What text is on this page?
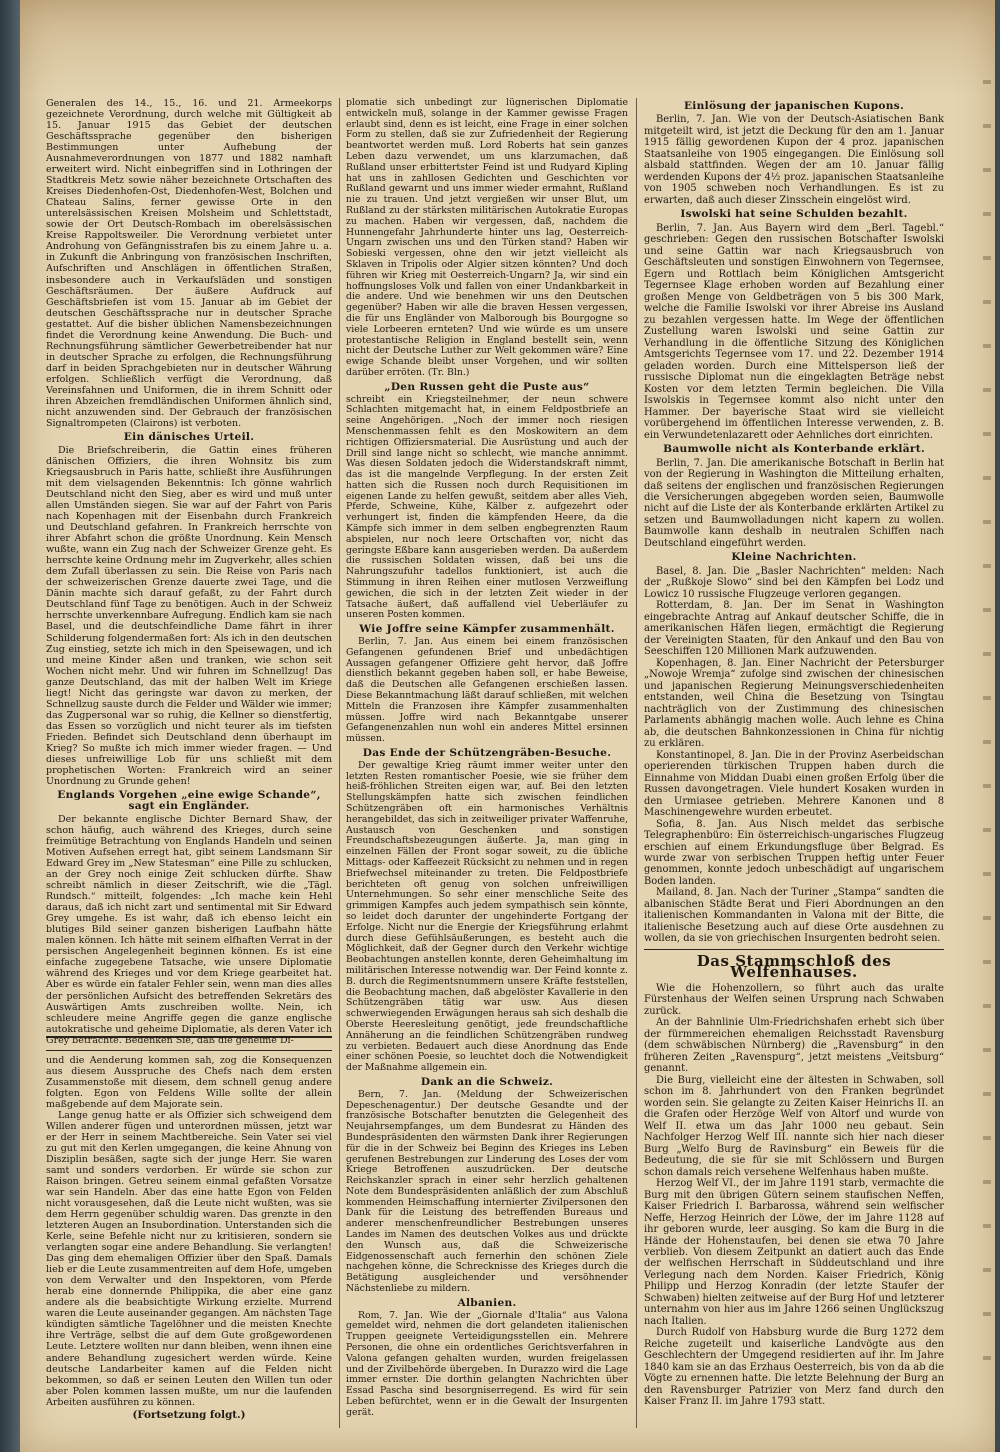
Generalen des 14., 15., 16. und 21. Armeekorps gezeichnete Verordnung, durch welche mit Gültigkeit ab 15. Januar 1915 das Gebiet der deutschen Geschäftssprache gegenüber den bisherigen Bestimmungen unter Aufhebung der Ausnahmeverordnungen von 1877 und 1882 namhaft erweitert wird. Nicht einbegriffen sind in Lothringen der Stadtkreis Metz sowie näher bezeichnete Ortschaften des Kreises Diedenhofen-Ost, Diedenhofen-West, Bolchen und Chateau Salins, ferner gewisse Orte in den unterelsässischen Kreisen Molsheim und Schlettstadt, sowie der Ort Deutsch-Rombach im oberelsässischen Kreise Rappoltsweiler. Die Verordnung verbietet unter Androhung von Gefängnisstrafen bis zu einem Jahre u. a. in Zukunft die Anbringung von französischen Inschriften, Aufschriften und Anschlägen in öffentlichen Straßen, insbesondere auch in Verkaufsläden und sonstigen Geschäftsräumen. Der äußere Aufdruck auf Geschäftsbriefen ist vom 15. Januar ab im Gebiet der deutschen Geschäftssprache nur in deutscher Sprache gestattet. Auf die bisher üblichen Namensbezeichnungen findet die Verordnung keine Anwendung. Die Buch- und Rechnungsführung sämtlicher Gewerbetreibender hat nur in deutscher Sprache zu erfolgen, die Rechnungsführung darf in beiden Sprachgebieten nur in deutscher Währung erfolgen. Schließlich verfügt die Verordnung, daß Vereinsfahnen und Uniformen, die in ihrem Schnitt oder ihren Abzeichen fremdländischen Uniformen ähnlich sind, nicht anzuwenden sind. Der Gebrauch der französischen Signaltrompeten (Clairons) ist verboten.

Ein dänisches Urteil.

Die Briefschreiberin, die Gattin eines früheren dänischen Offiziers, die ihren Wohnsitz bis zum Kriegsausbruch in Paris hatte, schließt ihre Ausführungen mit dem vielsagenden Bekenntnis: Ich gönne wahrlich Deutschland nicht den Sieg, aber es wird und muß unter allen Umständen siegen. Sie war auf der Fahrt von Paris nach Kopenhagen mit der Eisenbahn durch Frankreich und Deutschland gefahren. In Frankreich herrschte von ihrer Abfahrt schon die größte Unordnung. Kein Mensch wußte, wann ein Zug nach der Schweizer Grenze geht. Es herrschte keine Ordnung mehr im Zugverkehr, alles schien dem Zufall überlassen zu sein. Die Reise von Paris nach der schweizerischen Grenze dauerte zwei Tage, und die Dänin machte sich darauf gefaßt, zu der Fahrt durch Deutschland fünf Tage zu benötigen. Auch in der Schweiz herrschte unverkennbare Aufregung. Endlich kam sie nach Basel, und die deutschfeindliche Dame fährt in ihrer Schilderung folgendermaßen fort: Als ich in den deutschen Zug einstieg, setzte ich mich in den Speisewagen, und ich und meine Kinder aßen und tranken, wie schon seit Wochen nicht mehr. Und wir fuhren im Schnellzug! Das ganze Deutschland, das mit der halben Welt im Kriege liegt! Nicht das geringste war davon zu merken, der Schnellzug sauste durch die Felder und Wälder wie immer; das Zugpersonal war so ruhig, die Kellner so dienstfertig, das Essen so vorzüglich und nicht teurer als im tiefsten Frieden. Befindet sich Deutschland denn überhaupt im Krieg? So mußte ich mich immer wieder fragen. — Und dieses unfreiwillige Lob für uns schließt mit dem prophetischen Worten: Frankreich wird an seiner Unordnung zu Grunde gehen!

Englands Vorgehen „eine ewige Schande“, sagt ein Engländer.

Der bekannte englische Dichter Bernard Shaw, der schon häufig, auch während des Krieges, durch seine freimütige Betrachtung von Englands Handeln und seinen Motiven Aufsehen erregt hat, gibt seinem Landsmann Sir Edward Grey im „New Statesman“ eine Pille zu schlucken, an der Grey noch einige Zeit schlucken dürfte. Shaw schreibt nämlich in dieser Zeitschrift, wie die „Tägl. Rundsch.“ mitteilt, folgendes: „Ich mache kein Hehl daraus, daß ich nicht zart und sentimental mit Sir Edward Grey umgehe. Es ist wahr, daß ich ebenso leicht ein blutiges Bild seiner ganzen bisherigen Laufbahn hätte malen können. Ich hätte mit seinem elfhaften Verrat in der persischen Angelegenheit beginnen können. Es ist eine einfache zugegebene Tatsache, wie unsere Diplomatie während des Krieges und vor dem Kriege gearbeitet hat. Aber es würde ein fataler Fehler sein, wenn man dies alles der persönlichen Aufsicht des betreffenden Sekretärs des Auswärtigen Amts zuschreiben wollte. Nein, ich schleudere meine Angriffe gegen die ganze englische autokratische und geheime Diplomatie, als deren Vater ich Grey betrachte. Bedenken Sie, daß die geheime Di-

und die Aenderung kommen sah, zog die Konsequenzen aus diesem Ausspruche des Chefs nach dem ersten Zusammenstoße mit diesem, dem schnell genug andere folgten. Egon von Feldens Wille sollte der allein maßgebende auf dem Majorate sein.

Lange genug hatte er als Offizier sich schweigend dem Willen anderer fügen und unterordnen müssen, jetzt war er der Herr in seinem Machtbereiche. Sein Vater sei viel zu gut mit den Kerlen umgegangen, die keine Ahnung von Disziplin besäßen, sagte sich der junge Herr. Sie waren samt und sonders verdorben. Er würde sie schon zur Raison bringen. Getreu seinem einmal gefaßten Vorsatze war sein Handeln. Aber das eine hatte Egon von Felden nicht vorausgesehen, daß die Leute nicht wußten, was sie dem Herrn gegenüber schuldig waren. Das grenzte in den letzteren Augen an Insubordination. Unterstanden sich die Kerle, seine Befehle nicht nur zu kritisieren, sondern sie verlangten sogar eine andere Behandlung. Sie verlangten! Das ging dem ehemaligen Offizier über den Spaß. Damals lieb er die Leute zusammentreiten auf dem Hofe, umgeben von dem Verwalter und den Inspektoren, vom Pferde herab eine donnernde Philippika, die aber eine ganz andere als die beabsichtigte Wirkung erzielte. Murrend waren die Leute auseinander gegangen. Am nächsten Tage kündigten sämtliche Tagelöhner und die meisten Knechte ihre Verträge, selbst die auf dem Gute großgewordenen Leute. Letztere wollten nur dann bleiben, wenn ihnen eine andere Behandlung zugesichert werden würde. Keine deutsche Landarbeiter kamen auf die Felden nicht bekommen, so daß er seinen Leuten den Willen tun oder aber Polen kommen lassen mußte, um nur die laufenden Arbeiten ausführen zu können.

(Fortsetzung folgt.)

plomatie sich unbedingt zur lügnerischen Diplomatie entwickeln muß, solange in der Kammer gewisse Fragen erlaubt sind, denn es ist leicht, eine Frage in einer solchen Form zu stellen, daß sie zur Zufriedenheit der Regierung beantwortet werden muß. Lord Roberts hat sein ganzes Leben dazu verwendet, um uns klarzumachen, daß Rußland unser erbittertster Feind ist und Rudyard Kipling hat uns in zahllosen Gedichten und Geschichten vor Rußland gewarnt und uns immer wieder ermahnt, Rußland nie zu trauen. Und jetzt vergießen wir unser Blut, um Rußland zu der stärksten militärischen Autokratie Europas zu machen. Haben wir vergessen, daß, nachdem die Hunnengefahr Jahrhunderte hinter uns lag, Oesterreich-Ungarn zwischen uns und den Türken stand? Haben wir Sobieski vergessen, ohne den wir jetzt vielleicht als Sklaven in Tripolis oder Algier sitzen könnten? Und doch führen wir Krieg mit Oesterreich-Ungarn? Ja, wir sind ein hoffnungsloses Volk und fallen von einer Undankbarkeit in die andere. Und wie benehmen wir uns den Deutschen gegenüber? Haben wir alle die braven Hessen vergessen, die für uns Engländer von Malborough bis Bourgogne so viele Lorbeeren ernteten? Und wie würde es um unsere protestantische Religion in England bestellt sein, wenn nicht der Deutsche Luther zur Welt gekommen wäre? Eine ewige Schande bleibt unser Vorgehen, und wir sollten darüber erröten. (Tr. Bln.)

„Den Russen geht die Puste aus“

schreibt ein Kriegsteilnehmer, der neun schwere Schlachten mitgemacht hat, in einem Feldpostbriefe an seine Angehörigen. „Noch der immer noch riesigen Menschenmassen fehlt es den Moskowitern an dem richtigen Offiziersmaterial. Die Ausrüstung und auch der Drill sind lange nicht so schlecht, wie manche annimmt. Was diesen Soldaten jedoch die Widerstandskraft nimmt, das ist die mangelnde Verpflegung. In der ersten Zeit hatten sich die Russen noch durch Requisitionen im eigenen Lande zu helfen gewußt, seitdem aber alles Vieh, Pferde, Schweine, Kühe, Kälber z. aufgezehrt oder verhungert ist, finden die kämpfenden Heere, da die Kämpfe sich immer in dem selben engbegrenzten Raum abspielen, nur noch leere Ortschaften vor, nicht das geringste Eßbare kann ausgerieben werden. Da außerdem die russischen Soldaten wissen, daß bei uns die Nahrungszufuhr tadellos funktioniert, ist auch die Stimmung in ihren Reihen einer mutlosen Verzweiflung gewichen, die sich in der letzten Zeit wieder in der Tatsache äußert, daß auffallend viel Ueberläufer zu unseren Posten kommen.

Wie Joffre seine Kämpfer zusammenhält.

Berlin, 7. Jan. Aus einem bei einem französischen Gefangenen gefundenen Brief und unbedächtigen Aussagen gefangener Offiziere geht hervor, daß Joffre dienstlich bekannt gegeben haben soll, er habe Beweise, daß die Deutschen alle Gefangenen erschießen lassen. Diese Bekanntmachung läßt darauf schließen, mit welchen Mitteln die Franzosen ihre Kämpfer zusammenhalten müssen. Joffre wird nach Bekanntgabe unserer Gefangenenzahlen nun wohl ein anderes Mittel ersinnen müssen.

Das Ende der Schützengräben-Besuche.

Der gewaltige Krieg räumt immer weiter unter den letzten Resten romantischer Poesie, wie sie früher dem heiß-fröhlichen Streiten eigen war, auf. Bei den letzten Stellungskämpfen hatte sich zwischen feindlichen Schützengräben oft ein harmonisches Verhältnis herangebildet, das sich in zeitweiliger privater Waffenruhe, Austausch von Geschenken und sonstigen Freundschaftsbezeugungen äußerte. Ja, man ging in einzelnen Fällen der Front sogar soweit, zu die übliche Mittags- oder Kaffeezeit Rücksicht zu nehmen und in regen Briefwechsel miteinander zu treten. Die Feldpostbriefe berichteten oft genug von solchen unfreiwilligen Unternehmungen. So sehr einer menschliche Seite des grimmigen Kampfes auch jedem sympathisch sein könnte, so leidet doch darunter der ungehinderte Fortgang der Erfolge. Nicht nur die Energie der Kriegsführung erlahmt durch diese Gefühlsäußerungen, es besteht auch die Möglichkeit, daß der Gegner durch den Verkehr wichtige Beobachtungen anstellen konnte, deren Geheimhaltung im militärischen Interesse notwendig war. Der Feind konnte z. B. durch die Regimentsnummern unsere Kräfte feststellen, die Beobachtung machen, daß abgelöster Kavallerie in den Schützengräben tätig war usw. Aus diesen schwerwiegenden Erwägungen heraus sah sich deshalb die Oberste Heeresleitung genötigt, jede freundschaftliche Annäherung an die feindlichen Schützengräben rundweg zu verbieten. Bedauert auch diese Anordnung das Ende einer schönen Poesie, so leuchtet doch die Notwendigkeit der Maßnahme allgemein ein.

Dank an die Schweiz.

Bern, 7. Jan. (Meldung der Schweizerischen Depeschenagentur.) Der deutsche Gesandte und der französische Botschafter benutzten die Gelegenheit des Neujahrsempfanges, um dem Bundesrat zu Händen des Bundespräsidenten den wärmsten Dank ihrer Regierungen für die in der Schweiz bei Beginn des Krieges ins Leben gerufenen Bestrebungen zur Linderung des Loses der vom Kriege Betroffenen auszudrücken. Der deutsche Reichskanzler sprach in einer sehr herzlich gehaltenen Note dem Bundespräsidenten anläßlich der zum Abschluß kommenden Heimschaffung internierter Zivilpersonen den Dank für die Leistung des betreffenden Bureaus und anderer menschenfreundlicher Bestrebungen unseres Landes im Namen des deutschen Volkes aus und drückte den Wunsch aus, daß die Schweizerische Eidgenossenschaft auch fernerhin den schönen Ziele nachgehen könne, die Schrecknisse des Krieges durch die Betätigung ausgleichender und versöhnender Nächstenliebe zu mildern.

Albanien.

Rom, 7. Jan. Wie der „Giornale d'Italia“ aus Valona gemeldet wird, nehmen die dort gelandeten italienischen Truppen geeignete Verteidigungsstellen ein. Mehrere Personen, die ohne ein ordentliches Gerichtsverfahren in Valona gefangen gehalten wurden, wurden freigelassen und der Zivilbehörde übergeben. In Durazzo wird die Lage immer ernster. Die dorthin gelangten Nachrichten über Essad Pascha sind besorgniserregend. Es wird für sein Leben befürchtet, wenn er in die Gewalt der Insurgenten gerät.

Einlösung der japanischen Kupons.

Berlin, 7. Jan. Wie von der Deutsch-Asiatischen Bank mitgeteilt wird, ist jetzt die Deckung für den am 1. Januar 1915 fällig gewordenen Kupon der 4 proz. japanischen Staatsanleihe von 1905 eingegangen. Die Einlösung soll alsbald stattfinden. Wegen der am 10. Januar fällig werdenden Kupons der 4½ proz. japanischen Staatsanleihe von 1905 schweben noch Verhandlungen. Es ist zu erwarten, daß auch dieser Zinsschein eingelöst wird.

Iswolski hat seine Schulden bezahlt.

Berlin, 7. Jan. Aus Bayern wird dem „Berl. Tagebl.“ geschrieben: Gegen den russischen Botschafter Iswolski und seine Gattin war nach Kriegsausbruch von Geschäftsleuten und sonstigen Einwohnern von Tegernsee, Egern und Rottlach beim Königlichen Amtsgericht Tegernsee Klage erhoben worden auf Bezahlung einer großen Menge von Geldbeträgen von 5 bis 300 Mark, welche die Familie Iswolski vor ihrer Abreise ins Ausland zu bezahlen vergessen hatte. Im Wege der öffentlichen Zustellung waren Iswolski und seine Gattin zur Verhandlung in die öffentliche Sitzung des Königlichen Amtsgerichts Tegernsee vom 17. und 22. Dezember 1914 geladen worden. Durch eine Mittelsperson ließ der russische Diplomat nun die eingeklagten Beträge nebst Kosten vor dem letzten Termin begleichen. Die Villa Iswolskis in Tegernsee kommt also nicht unter den Hammer. Der bayerische Staat wird sie vielleicht vorübergehend im öffentlichen Interesse verwenden, z. B. ein Verwundetenlazarett oder Aehnliches dort einrichten.

Baumwolle nicht als Konterbande erklärt.

Berlin, 7. Jan. Die amerikanische Botschaft in Berlin hat von der Regierung in Washington die Mitteilung erhalten, daß seitens der englischen und französischen Regierungen die Versicherungen abgegeben worden seien, Baumwolle nicht auf die Liste der als Konterbande erklärten Artikel zu setzen und Baumwolladungen nicht kapern zu wollen. Baumwolle kann deshalb in neutralen Schiffen nach Deutschland eingeführt werden.

Kleine Nachrichten.

Basel, 8. Jan. Die „Basler Nachrichten“ melden: Nach der „Rußkoje Slowo“ sind bei den Kämpfen bei Lodz und Lowicz 10 russische Flugzeuge verloren gegangen.

Rotterdam, 8. Jan. Der im Senat in Washington eingebrachte Antrag auf Ankauf deutscher Schiffe, die in amerikanischen Häfen liegen, ermächtigt die Regierung der Vereinigten Staaten, für den Ankauf und den Bau von Seeschiffen 120 Millionen Mark aufzuwenden.

Kopenhagen, 8. Jan. Einer Nachricht der Petersburger „Nowoje Wremja“ zufolge sind zwischen der chinesischen und japanischen Regierung Meinungsverschiedenheiten entstanden, weil China die Besetzung von Tsingtau nachträglich von der Zustimmung des chinesischen Parlaments abhängig machen wolle. Auch lehne es China ab, die deutschen Bahnkonzessionen in China für nichtig zu erklären.

Konstantinopel, 8. Jan. Die in der Provinz Aserbeidschan operierenden türkischen Truppen haben durch die Einnahme von Middan Duabi einen großen Erfolg über die Russen davongetragen. Viele hundert Kosaken wurden in den Urmiasee getrieben. Mehrere Kanonen und 8 Maschinengewehre wurden erbeutet.

Sofia, 8. Jan. Aus Nisch meldet das serbische Telegraphenbüro: Ein österreichisch-ungarisches Flugzeug erschien auf einem Erkundungsfluge über Belgrad. Es wurde zwar von serbischen Truppen heftig unter Feuer genommen, konnte jedoch unbeschädigt auf ungarischem Boden landen.

Mailand, 8. Jan. Nach der Turiner „Stampa“ sandten die albanischen Städte Berat und Fieri Abordnungen an den italienischen Kommandanten in Valona mit der Bitte, die italienische Besetzung auch auf diese Orte ausdehnen zu wollen, da sie von griechischen Insurgenten bedroht seien.

Das Stammschloß des Welfenhauses.

Wie die Hohenzollern, so führt auch das uralte Fürstenhaus der Welfen seinen Ursprung nach Schwaben zurück.

An der Bahnlinie Ulm-Friedrichshafen erhebt sich über der fürmmereichen ehemaligen Reichsstadt Ravensburg (dem schwäbischen Nürnberg) die „Ravensburg“ in den früheren Zeiten „Ravenspurg“, jetzt meistens „Veitsburg“ genannt.

Die Burg, vielleicht eine der ältesten in Schwaben, soll schon im 8. Jahrhundert von den Franken begründet worden sein. Sie gelangte zu Zeiten Kaiser Heinrichs II. an die Grafen oder Herzöge Welf von Altorf und wurde von Welf II. etwa um das Jahr 1000 neu gebaut. Sein Nachfolger Herzog Welf III. nannte sich hier nach dieser Burg „Welfo Burg de Ravinsburg“ ein Beweis für die Bedeutung, die sie für sie mit Schlössern und Burgen schon damals reich versehene Welfenhaus haben mußte.

Herzog Welf VI., der im Jahre 1191 starb, vermachte die Burg mit den übrigen Gütern seinem staufischen Neffen, Kaiser Friedrich I. Barbarossa, während sein welfischer Neffe, Herzog Heinrich der Löwe, der im Jahre 1128 auf ihr geboren wurde, leer ausging. So kam die Burg in die Hände der Hohenstaufen, bei denen sie etwa 70 Jahre verblieb. Von diesem Zeitpunkt an datiert auch das Ende der welfischen Herrschaft in Süddeutschland und ihre Verlegung nach dem Norden. Kaiser Friedrich, König Philipp und Herzog Konradin (der letzte Staufer der Schwaben) hielten zeitweise auf der Burg Hof und letzterer unternahm von hier aus im Jahre 1266 seinen Unglückszug nach Italien.

Durch Rudolf von Habsburg wurde die Burg 1272 dem Reiche zugeteilt und kaiserliche Landvögte aus den Geschlechtern der Umgegend residierten auf ihr. Im Jahre 1840 kam sie an das Erzhaus Oesterreich, bis von da ab die Vögte zu ernennen hatte. Die letzte Belehnung der Burg an den Ravensburger Patrizier von Merz fand durch den Kaiser Franz II. im Jahre 1793 statt.
